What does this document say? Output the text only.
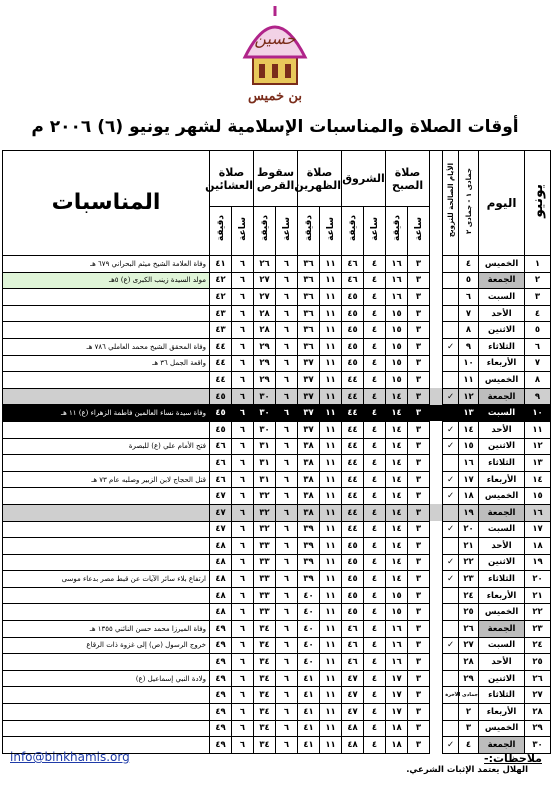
حسين
بن خميس
أوقات الصلاة والمناسبات الإسلامية لشهر يونيو (٦) ٢٠٠٦ م
يونيو	اليوم	جمادى ١ - جمادى ٢	الأيام الصالحة للتزويج		صلاة الصبح		الشروق		صلاة الظهرين		سقوط القرص		صلاة العشائين		المناسبات
					ساعة	دقيقة	ساعة	دقيقة	ساعة	دقيقة	ساعة	دقيقة	ساعة	دقيقة	
١	الخميس	٤			٣	١٦	٤	٤٦	١١	٣٦	٦	٢٦	٦	٤١	وفاة العلامة الشيخ ميثم البحراني ٦٧٩ هـ
٢	الجمعة	٥			٣	١٦	٤	٤٦	١١	٣٦	٦	٢٧	٦	٤٢	مولد السيدة زينب الكبرى (ع) ٥هـ
٣	السبت	٦			٣	١٦	٤	٤٥	١١	٣٦	٦	٢٧	٦	٤٢	
٤	الأحد	٧			٣	١٥	٤	٤٥	١١	٣٦	٦	٢٨	٦	٤٣	
٥	الاثنين	٨			٣	١٥	٤	٤٥	١١	٣٦	٦	٢٨	٦	٤٣	
٦	الثلاثاء	٩	✓		٣	١٥	٤	٤٥	١١	٣٦	٦	٢٩	٦	٤٤	وفاة المحقق الشيخ محمد العاملي ٧٨٦ هـ
٧	الأربعاء	١٠			٣	١٥	٤	٤٥	١١	٣٧	٦	٢٩	٦	٤٤	واقعة الجمل ٣٦ هـ
٨	الخميس	١١			٣	١٥	٤	٤٤	١١	٣٧	٦	٢٩	٦	٤٤	
٩	الجمعة	١٢	✓		٣	١٤	٤	٤٤	١١	٣٧	٦	٣٠	٦	٤٥	
١٠	السبت	١٣			٣	١٤	٤	٤٤	١١	٣٧	٦	٣٠	٦	٤٥	وفاة سيدة نساء العالمين فاطمة الزهراء (ع) ١١ هـ
١١	الأحد	١٤	✓		٣	١٤	٤	٤٤	١١	٣٧	٦	٣٠	٦	٤٥	
١٢	الاثنين	١٥	✓		٣	١٤	٤	٤٤	١١	٣٨	٦	٣١	٦	٤٦	فتح الأمام علي (ع) للبصرة
١٣	الثلاثاء	١٦			٣	١٤	٤	٤٤	١١	٣٨	٦	٣١	٦	٤٦	
١٤	الأربعاء	١٧	✓		٣	١٤	٤	٤٤	١١	٣٨	٦	٣١	٦	٤٦	قتل الحجاج لابن الزبير وصلبه عام ٧٣ هـ
١٥	الخميس	١٨	✓		٣	١٤	٤	٤٤	١١	٣٨	٦	٣٢	٦	٤٧	
١٦	الجمعة	١٩			٣	١٤	٤	٤٤	١١	٣٨	٦	٣٢	٦	٤٧	
١٧	السبت	٢٠	✓		٣	١٤	٤	٤٤	١١	٣٩	٦	٣٢	٦	٤٧	
١٨	الأحد	٢١			٣	١٤	٤	٤٥	١١	٣٩	٦	٣٣	٦	٤٨	
١٩	الاثنين	٢٢	✓		٣	١٤	٤	٤٥	١١	٣٩	٦	٣٣	٦	٤٨	
٢٠	الثلاثاء	٢٣	✓		٣	١٤	٤	٤٥	١١	٣٩	٦	٣٣	٦	٤٨	ارتفاع بلاء سائر الآيات عن قبط مصر بدعاء موسى
٢١	الأربعاء	٢٤			٣	١٥	٤	٤٥	١١	٤٠	٦	٣٣	٦	٤٨	
٢٢	الخميس	٢٥			٣	١٥	٤	٤٥	١١	٤٠	٦	٣٣	٦	٤٨	
٢٣	الجمعة	٢٦			٣	١٦	٤	٤٦	١١	٤٠	٦	٣٤	٦	٤٩	وفاة الميرزا محمد حسن النائني ١٣٥٥ هـ
٢٤	السبت	٢٧	✓		٣	١٦	٤	٤٦	١١	٤٠	٦	٣٤	٦	٤٩	خروج الرسول (ص) إلى غزوة ذات الرقاع
٢٥	الأحد	٢٨			٣	١٦	٤	٤٦	١١	٤٠	٦	٣٤	٦	٤٩	
٢٦	الاثنين	٢٩			٣	١٧	٤	٤٧	١١	٤١	٦	٣٤	٦	٤٩	ولادة النبي إسماعيل (ع)
٢٧	الثلاثاء	جمادى الآخرة			٣	١٧	٤	٤٧	١١	٤١	٦	٣٤	٦	٤٩	
٢٨	الأربعاء	٢			٣	١٧	٤	٤٧	١١	٤١	٦	٣٤	٦	٤٩	
٢٩	الخميس	٣			٣	١٨	٤	٤٨	١١	٤١	٦	٣٤	٦	٤٩	
٣٠	الجمعة	٤	✓		٣	١٨	٤	٤٨	١١	٤١	٦	٣٤	٦	٤٩	
info@binkhamis.org	ملاحظات:-
الهلال يعتمد الإثبات الشرعي.
